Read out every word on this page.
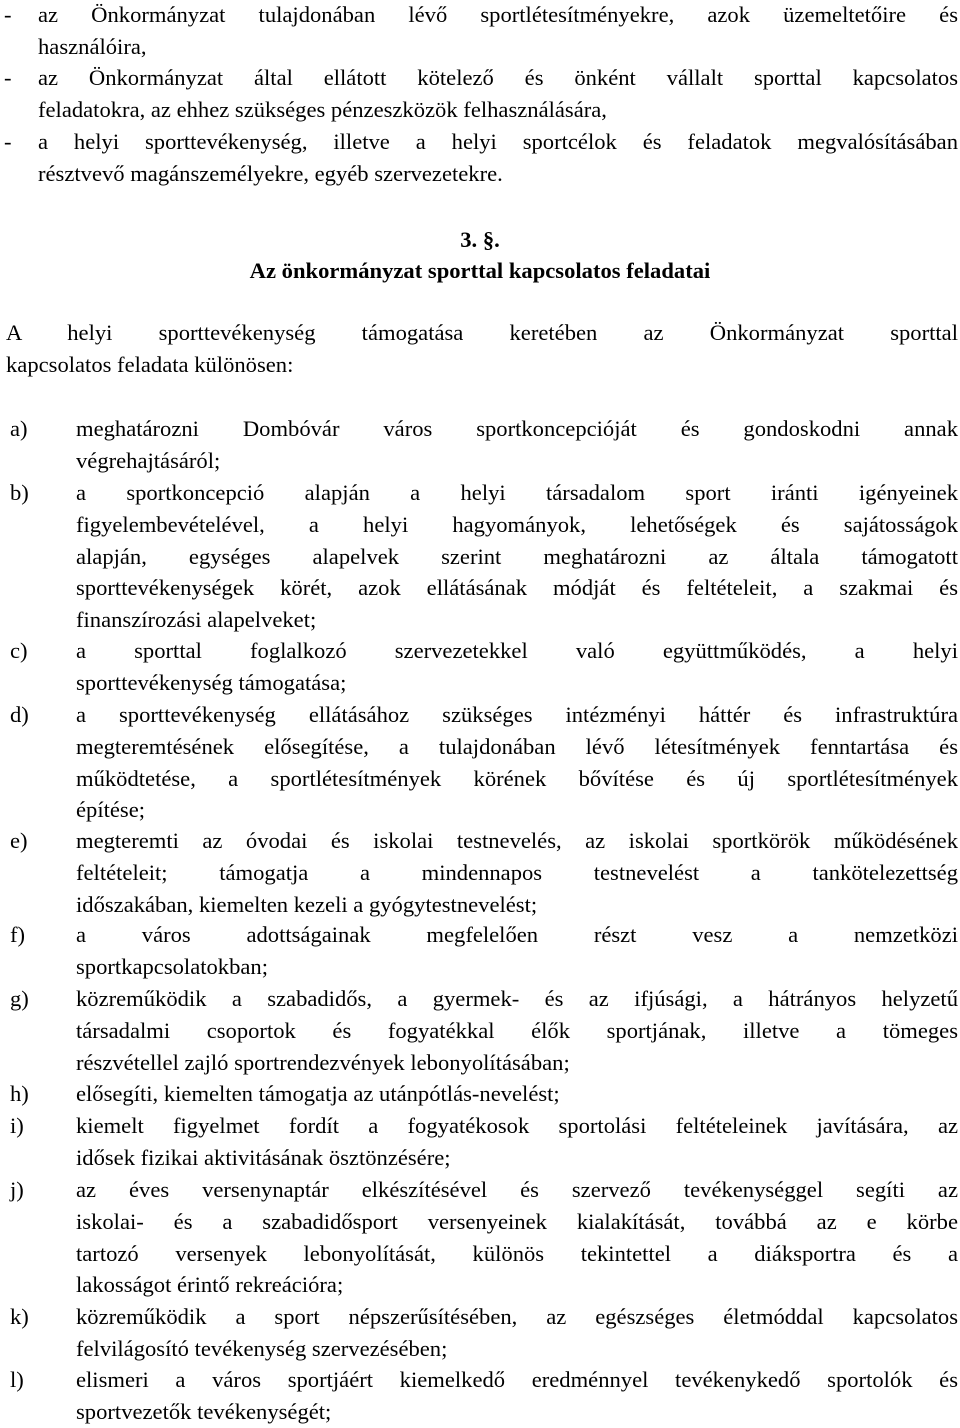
- az Önkormányzat tulajdonában lévő sportlétesítményekre, azok üzemeltetőire és
használóira,
- az Önkormányzat által ellátott kötelező és önként vállalt sporttal kapcsolatos
feladatokra, az ehhez szükséges pénzeszközök felhasználására,
- a helyi sporttevékenység, illetve a helyi sportcélok és feladatok megvalósításában
résztvevő magánszemélyekre, egyéb szervezetekre.
3. §.
Az önkormányzat sporttal kapcsolatos feladatai
A helyi sporttevékenység támogatása keretében az Önkormányzat sporttal
kapcsolatos feladata különösen:
a) meghatározni Dombóvár város sportkoncepcióját és gondoskodni annak
végrehajtásáról;
b) a sportkoncepció alapján a helyi társadalom sport iránti igényeinek
figyelembevételével, a helyi hagyományok, lehetőségek és sajátosságok
alapján, egységes alapelvek szerint meghatározni az általa támogatott
sporttevékenységek körét, azok ellátásának módját és feltételeit, a szakmai és
finanszírozási alapelveket;
c) a sporttal foglalkozó szervezetekkel való együttműködés, a helyi
sporttevékenység támogatása;
d) a sporttevékenység ellátásához szükséges intézményi háttér és infrastruktúra
megteremtésének elősegítése, a tulajdonában lévő létesítmények fenntartása és
működtetése, a sportlétesítmények körének bővítése és új sportlétesítmények
építése;
e) megteremti az óvodai és iskolai testnevelés, az iskolai sportkörök működésének
feltételeit; támogatja a mindennapos testnevelést a tankötelezettség
időszakában, kiemelten kezeli a gyógytestnevelést;
f) a város adottságainak megfelelően részt vesz a nemzetközi
sportkapcsolatokban;
g) közreműködik a szabadidős, a gyermek- és az ifjúsági, a hátrányos helyzetű
társadalmi csoportok és fogyatékkal élők sportjának, illetve a tömeges
részvétellel zajló sportrendezvények lebonyolításában;
h) elősegíti, kiemelten támogatja az utánpótlás-nevelést;
i) kiemelt figyelmet fordít a fogyatékosok sportolási feltételeinek javítására, az
idősek fizikai aktivitásának ösztönzésére;
j) az éves versenynaptár elkészítésével és szervező tevékenységgel segíti az
iskolai- és a szabadidősport versenyeinek kialakítását, továbbá az e körbe
tartozó versenyek lebonyolítását, különös tekintettel a diáksportra és a
lakosságot érintő rekreációra;
k) közreműködik a sport népszerűsítésében, az egészséges életmóddal kapcsolatos
felvilágosító tevékenység szervezésében;
l) elismeri a város sportjáért kiemelkedő eredménnyel tevékenykedő sportolók és
sportvezetők tevékenységét;
